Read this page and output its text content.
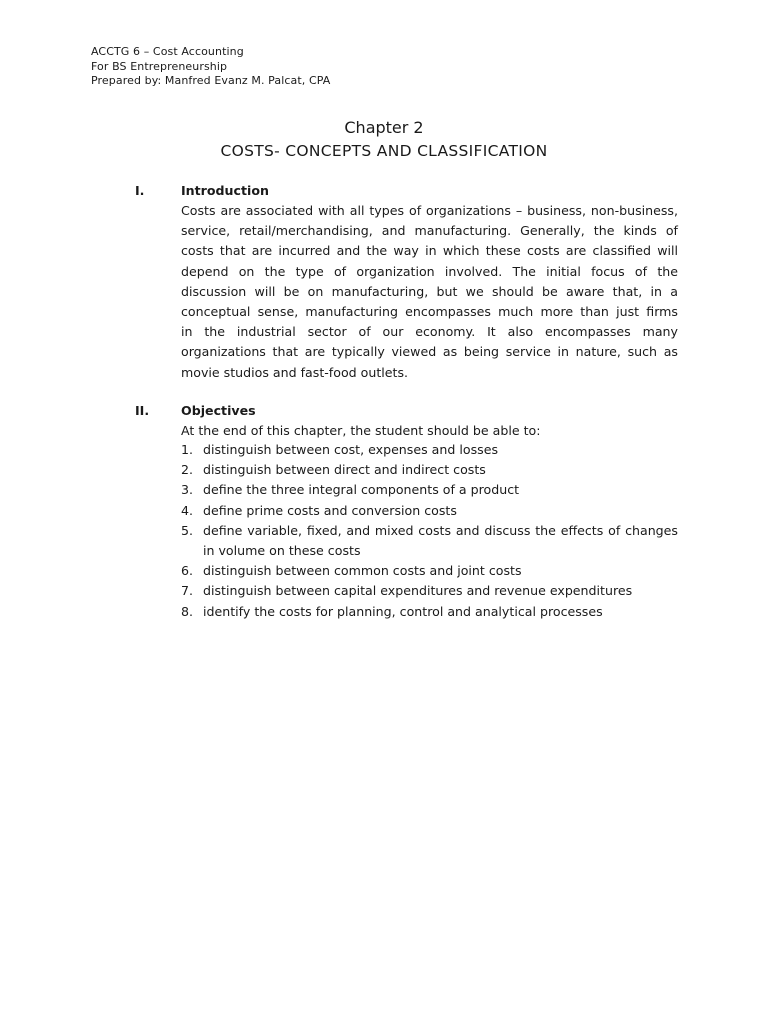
ACCTG 6 – Cost Accounting
For BS Entrepreneurship
Prepared by: Manfred Evanz M. Palcat, CPA
Chapter 2
COSTS- CONCEPTS AND CLASSIFICATION
I.	Introduction
Costs are associated with all types of organizations – business, non-business,
service, retail/merchandising, and manufacturing. Generally, the kinds of
costs that are incurred and the way in which these costs are classified will
depend on the type of organization involved. The initial focus of the
discussion will be on manufacturing, but we should be aware that, in a
conceptual sense, manufacturing encompasses much more than just firms
in the industrial sector of our economy. It also encompasses many
organizations that are typically viewed as being service in nature, such as
movie studios and fast-food outlets.
II.	Objectives
At the end of this chapter, the student should be able to:
1. distinguish between cost, expenses and losses
2. distinguish between direct and indirect costs
3. define the three integral components of a product
4. define prime costs and conversion costs
5. define variable, fixed, and mixed costs and discuss the effects of changes in volume on these costs
6. distinguish between common costs and joint costs
7. distinguish between capital expenditures and revenue expenditures
8. identify the costs for planning, control and analytical processes
